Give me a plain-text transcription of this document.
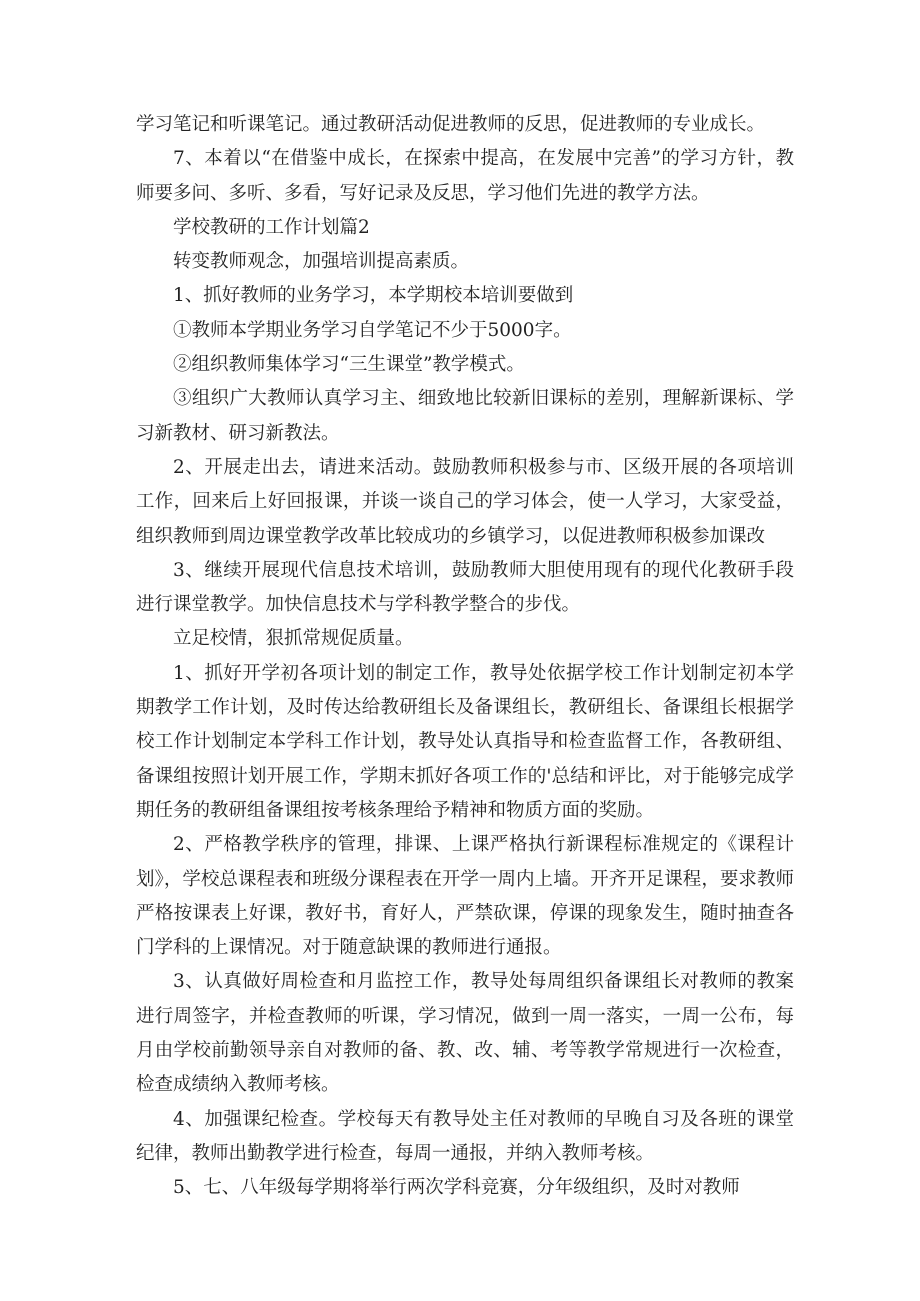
学习笔记和听课笔记。通过教研活动促进教师的反思，促进教师的专业成长。

7、本着以“在借鉴中成长，在探索中提高，在发展中完善”的学习方针，教师要多问、多听、多看，写好记录及反思，学习他们先进的教学方法。

学校教研的工作计划篇2

转变教师观念，加强培训提高素质。

1、抓好教师的业务学习，本学期校本培训要做到

①教师本学期业务学习自学笔记不少于5000字。

②组织教师集体学习“三生课堂”教学模式。

③组织广大教师认真学习主、细致地比较新旧课标的差别，理解新课标、学习新教材、研习新教法。

2、开展走出去，请进来活动。鼓励教师积极参与市、区级开展的各项培训工作，回来后上好回报课，并谈一谈自己的学习体会，使一人学习，大家受益，组织教师到周边课堂教学改革比较成功的乡镇学习，以促进教师积极参加课改

3、继续开展现代信息技术培训，鼓励教师大胆使用现有的现代化教研手段进行课堂教学。加快信息技术与学科教学整合的步伐。

立足校情，狠抓常规促质量。

1、抓好开学初各项计划的制定工作，教导处依据学校工作计划制定初本学期教学工作计划，及时传达给教研组长及备课组长，教研组长、备课组长根据学校工作计划制定本学科工作计划，教导处认真指导和检查监督工作，各教研组、备课组按照计划开展工作，学期末抓好各项工作的'总结和评比，对于能够完成学期任务的教研组备课组按考核条理给予精神和物质方面的奖励。

2、严格教学秩序的管理，排课、上课严格执行新课程标准规定的《课程计划》，学校总课程表和班级分课程表在开学一周内上墙。开齐开足课程，要求教师严格按课表上好课，教好书，育好人，严禁砍课，停课的现象发生，随时抽查各门学科的上课情况。对于随意缺课的教师进行通报。

3、认真做好周检查和月监控工作，教导处每周组织备课组长对教师的教案进行周签字，并检查教师的听课，学习情况，做到一周一落实，一周一公布，每月由学校前勤领导亲自对教师的备、教、改、辅、考等教学常规进行一次检查，检查成绩纳入教师考核。

4、加强课纪检查。学校每天有教导处主任对教师的早晚自习及各班的课堂纪律，教师出勤教学进行检查，每周一通报，并纳入教师考核。

5、七、八年级每学期将举行两次学科竞赛，分年级组织，及时对教师
